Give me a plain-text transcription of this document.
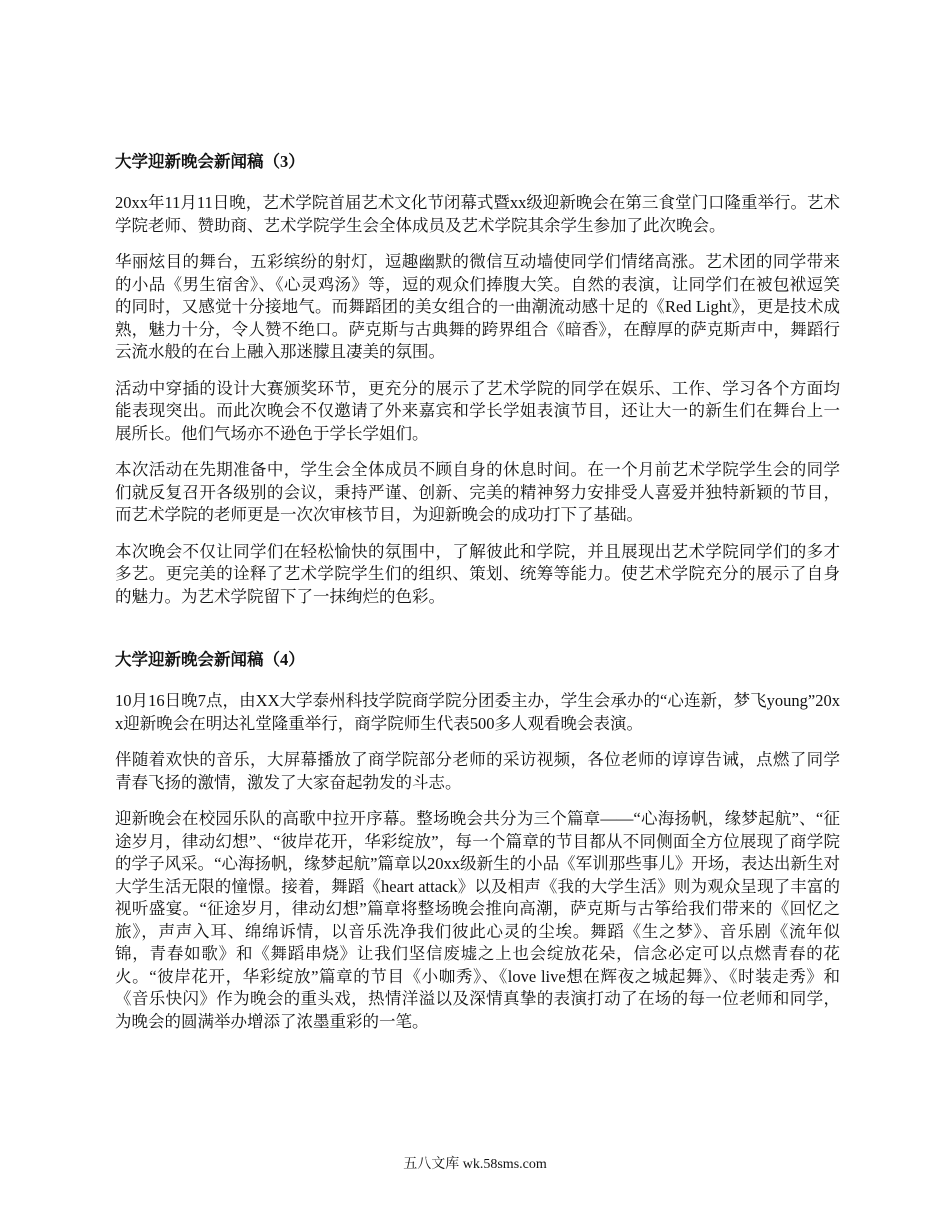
大学迎新晚会新闻稿（3）

20xx年11月11日晚，艺术学院首届艺术文化节闭幕式暨xx级迎新晚会在第三食堂门口隆重举行。艺术学院老师、赞助商、艺术学院学生会全体成员及艺术学院其余学生参加了此次晚会。

华丽炫目的舞台，五彩缤纷的射灯，逗趣幽默的微信互动墙使同学们情绪高涨。艺术团的同学带来的小品《男生宿舍》、《心灵鸡汤》等，逗的观众们捧腹大笑。自然的表演，让同学们在被包袱逗笑的同时，又感觉十分接地气。而舞蹈团的美女组合的一曲潮流动感十足的《Red Light》，更是技术成熟，魅力十分，令人赞不绝口。萨克斯与古典舞的跨界组合《暗香》，在醇厚的萨克斯声中，舞蹈行云流水般的在台上融入那迷朦且凄美的氛围。

活动中穿插的设计大赛颁奖环节，更充分的展示了艺术学院的同学在娱乐、工作、学习各个方面均能表现突出。而此次晚会不仅邀请了外来嘉宾和学长学姐表演节目，还让大一的新生们在舞台上一展所长。他们气场亦不逊色于学长学姐们。

本次活动在先期准备中，学生会全体成员不顾自身的休息时间。在一个月前艺术学院学生会的同学们就反复召开各级别的会议，秉持严谨、创新、完美的精神努力安排受人喜爱并独特新颖的节目，而艺术学院的老师更是一次次审核节目，为迎新晚会的成功打下了基础。

本次晚会不仅让同学们在轻松愉快的氛围中，了解彼此和学院，并且展现出艺术学院同学们的多才多艺。更完美的诠释了艺术学院学生们的组织、策划、统筹等能力。使艺术学院充分的展示了自身的魅力。为艺术学院留下了一抹绚烂的色彩。

大学迎新晚会新闻稿（4）

10月16日晚7点，由XX大学泰州科技学院商学院分团委主办，学生会承办的“心连新，梦飞young”20xx迎新晚会在明达礼堂隆重举行，商学院师生代表500多人观看晚会表演。

伴随着欢快的音乐，大屏幕播放了商学院部分老师的采访视频，各位老师的谆谆告诫，点燃了同学青春飞扬的激情，激发了大家奋起勃发的斗志。

迎新晚会在校园乐队的高歌中拉开序幕。整场晚会共分为三个篇章——“心海扬帆，缘梦起航”、“征途岁月，律动幻想”、“彼岸花开，华彩绽放”，每一个篇章的节目都从不同侧面全方位展现了商学院的学子风采。“心海扬帆，缘梦起航”篇章以20xx级新生的小品《军训那些事儿》开场，表达出新生对大学生活无限的憧憬。接着，舞蹈《heart attack》以及相声《我的大学生活》则为观众呈现了丰富的视听盛宴。“征途岁月，律动幻想”篇章将整场晚会推向高潮，萨克斯与古筝给我们带来的《回忆之旅》，声声入耳、绵绵诉情，以音乐洗净我们彼此心灵的尘埃。舞蹈《生之梦》、音乐剧《流年似锦，青春如歌》和《舞蹈串烧》让我们坚信废墟之上也会绽放花朵，信念必定可以点燃青春的花火。“彼岸花开，华彩绽放”篇章的节目《小咖秀》、《love live想在辉夜之城起舞》、《时装走秀》和《音乐快闪》作为晚会的重头戏，热情洋溢以及深情真挚的表演打动了在场的每一位老师和同学，为晚会的圆满举办增添了浓墨重彩的一笔。

五八文库 wk.58sms.com
